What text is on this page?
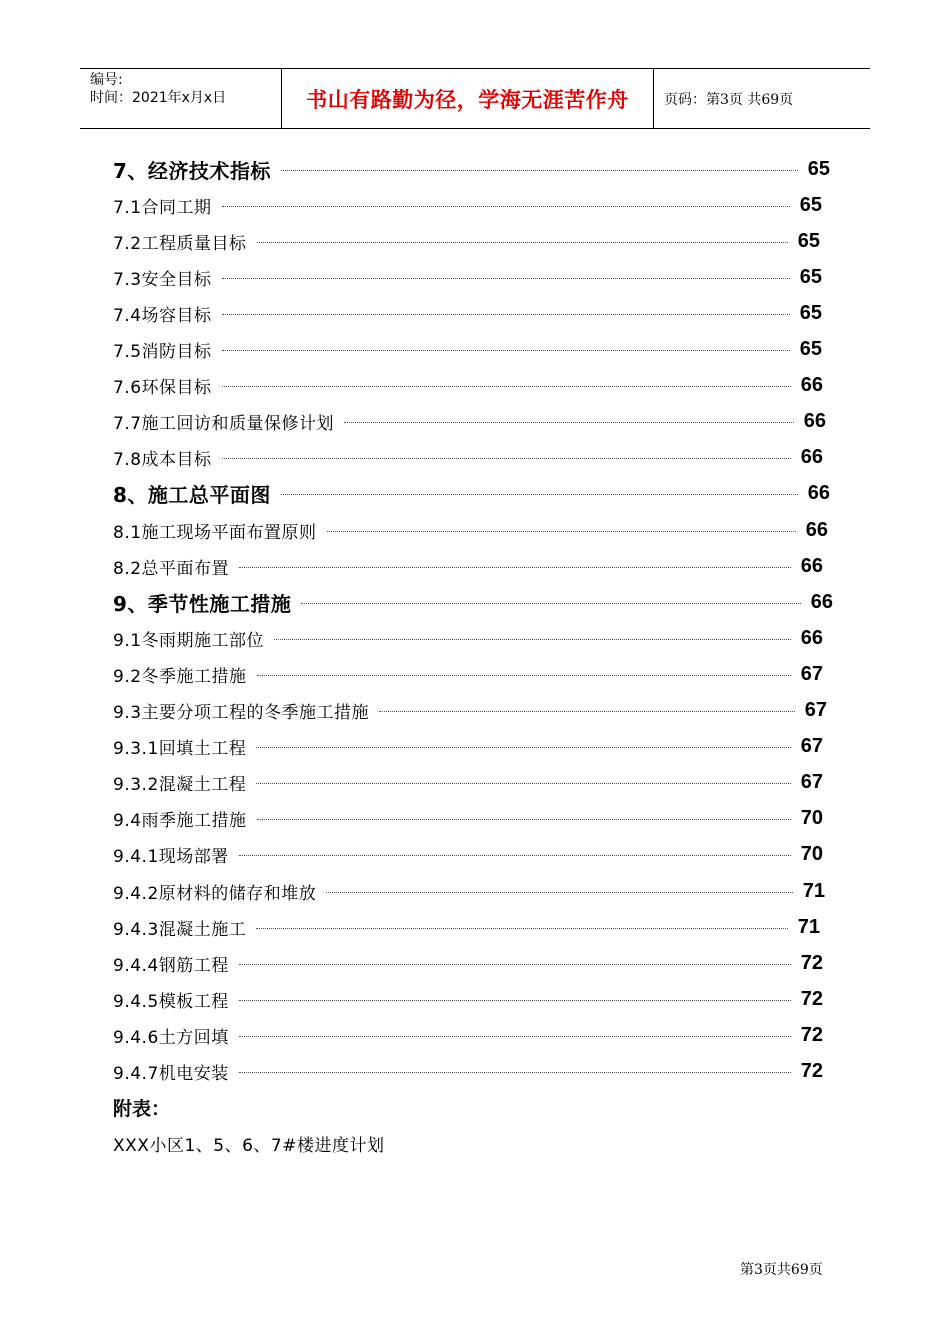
编号:
时间：2021年x月x日	书山有路勤为径，学海无涯苦作舟	页码：第3页 共69页
7、经济技术指标	65
7.1合同工期	65
7.2工程质量目标	65
7.3安全目标	65
7.4场容目标	65
7.5消防目标	65
7.6环保目标	66
7.7施工回访和质量保修计划	66
7.8成本目标	66
8、施工总平面图	66
8.1施工现场平面布置原则	66
8.2总平面布置	66
9、季节性施工措施	66
9.1冬雨期施工部位	66
9.2冬季施工措施	67
9.3主要分项工程的冬季施工措施	67
9.3.1回填土工程	67
9.3.2混凝土工程	67
9.4雨季施工措施	70
9.4.1现场部署	70
9.4.2原材料的储存和堆放	71
9.4.3混凝土施工	71
9.4.4钢筋工程	72
9.4.5模板工程	72
9.4.6土方回填	72
9.4.7机电安装	72
附表：
XXX小区1、5、6、7#楼进度计划
第3页共69页
